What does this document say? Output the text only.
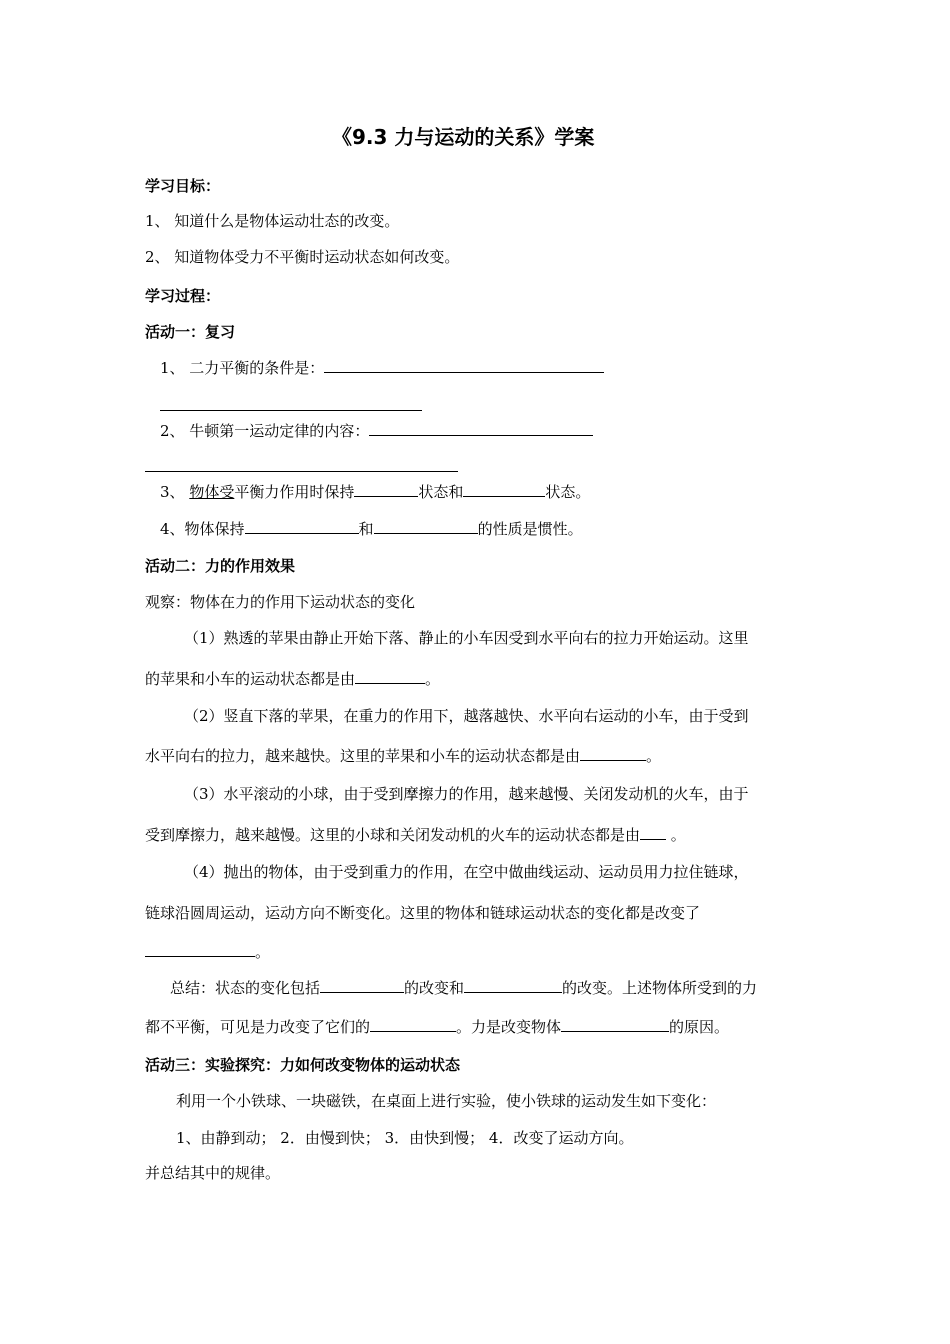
《9.3 力与运动的关系》学案
学习目标：
1、 知道什么是物体运动壮态的改变。
2、 知道物体受力不平衡时运动状态如何改变。
学习过程：
活动一：复习
1、 二力平衡的条件是：
2、 牛顿第一运动定律的内容：
3、 物体受平衡力作用时保持	状态和	状态。
4、物体保持	和	的性质是惯性。
活动二：力的作用效果
观察：物体在力的作用下运动状态的变化
（1）熟透的苹果由静止开始下落、静止的小车因受到水平向右的拉力开始运动。这里
的苹果和小车的运动状态都是由	。
（2）竖直下落的苹果，在重力的作用下，越落越快、水平向右运动的小车，由于受到
水平向右的拉力，越来越快。这里的苹果和小车的运动状态都是由	。
（3）水平滚动的小球，由于受到摩擦力的作用，越来越慢、关闭发动机的火车，由于
受到摩擦力，越来越慢。这里的小球和关闭发动机的火车的运动状态都是由 。
（4）抛出的物体，由于受到重力的作用，在空中做曲线运动、运动员用力拉住链球，
链球沿圆周运动，运动方向不断变化。这里的物体和链球运动状态的变化都是改变了
。
总结：状态的变化包括	的改变和	的改变。上述物体所受到的力
都不平衡，可见是力改变了它们的	。力是改变物体	的原因。
活动三：实验探究：力如何改变物体的运动状态
利用一个小铁球、一块磁铁，在桌面上进行实验，使小铁球的运动发生如下变化：
1、由静到动； 2．由慢到快； 3．由快到慢； 4．改变了运动方向。
并总结其中的规律。
